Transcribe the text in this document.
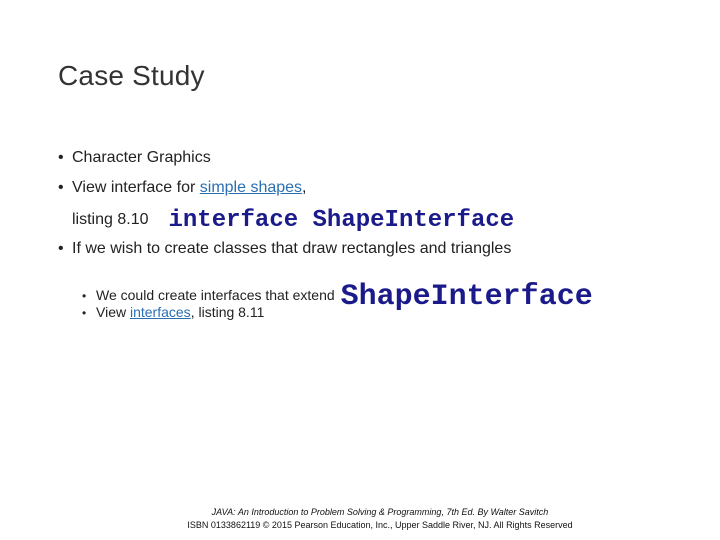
Case Study
• Character Graphics
• View interface for simple shapes,
listing 8.10 interface ShapeInterface
• If we wish to create classes that draw rectangles and triangles
• We could create interfaces that extend ShapeInterface
• View interfaces, listing 8.11
JAVA: An Introduction to Problem Solving & Programming, 7th Ed. By Walter Savitch
ISBN 0133862119 © 2015 Pearson Education, Inc., Upper Saddle River, NJ. All Rights Reserved
